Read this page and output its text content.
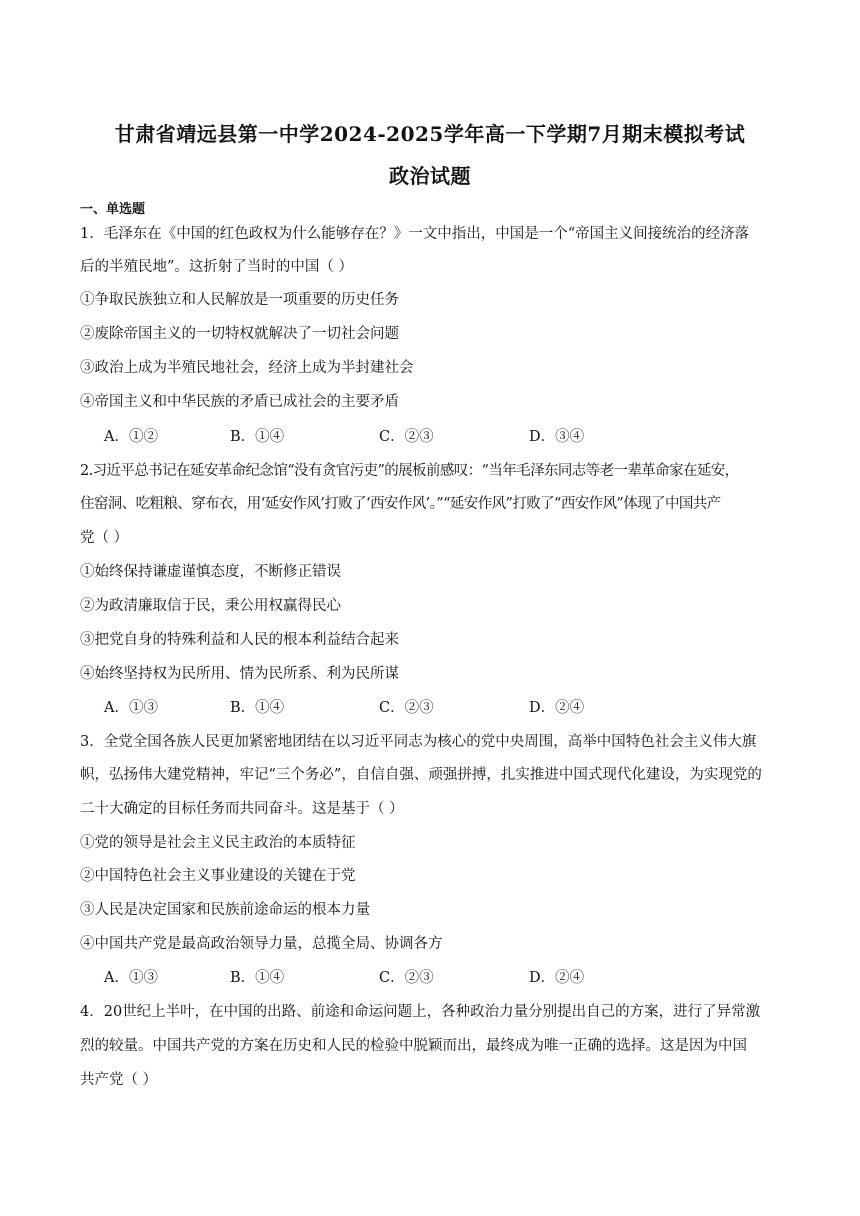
甘肃省靖远县第一中学2024-2025学年高一下学期7月期末模拟考试
政治试题
一、单选题
1．毛泽东在《中国的红色政权为什么能够存在？》一文中指出，中国是一个“帝国主义间接统治的经济落
后的半殖民地”。这折射了当时的中国（ ）
①争取民族独立和人民解放是一项重要的历史任务
②废除帝国主义的一切特权就解决了一切社会问题
③政治上成为半殖民地社会，经济上成为半封建社会
④帝国主义和中华民族的矛盾已成社会的主要矛盾
A．①②	B．①④	C．②③	D．③④
2.习近平总书记在延安革命纪念馆“没有贪官污吏”的展板前感叹：“当年毛泽东同志等老一辈革命家在延安，
住窑洞、吃粗粮、穿布衣，用‘延安作风’打败了‘西安作风’。”“延安作风”打败了“西安作风”体现了中国共产
党（ ）
①始终保持谦虚谨慎态度，不断修正错误
②为政清廉取信于民，秉公用权赢得民心
③把党自身的特殊利益和人民的根本利益结合起来
④始终坚持权为民所用、情为民所系、利为民所谋
A．①③	B．①④	C．②③	D．②④
3．全党全国各族人民更加紧密地团结在以习近平同志为核心的党中央周围，高举中国特色社会主义伟大旗
帜，弘扬伟大建党精神，牢记“三个务必”，自信自强、顽强拼搏，扎实推进中国式现代化建设，为实现党的
二十大确定的目标任务而共同奋斗。这是基于（ ）
①党的领导是社会主义民主政治的本质特征
②中国特色社会主义事业建设的关键在于党
③人民是决定国家和民族前途命运的根本力量
④中国共产党是最高政治领导力量，总揽全局、协调各方
A．①③	B．①④	C．②③	D．②④
4．20世纪上半叶，在中国的出路、前途和命运问题上，各种政治力量分别提出自己的方案，进行了异常激
烈的较量。中国共产党的方案在历史和人民的检验中脱颖而出，最终成为唯一正确的选择。这是因为中国
共产党（ ）
